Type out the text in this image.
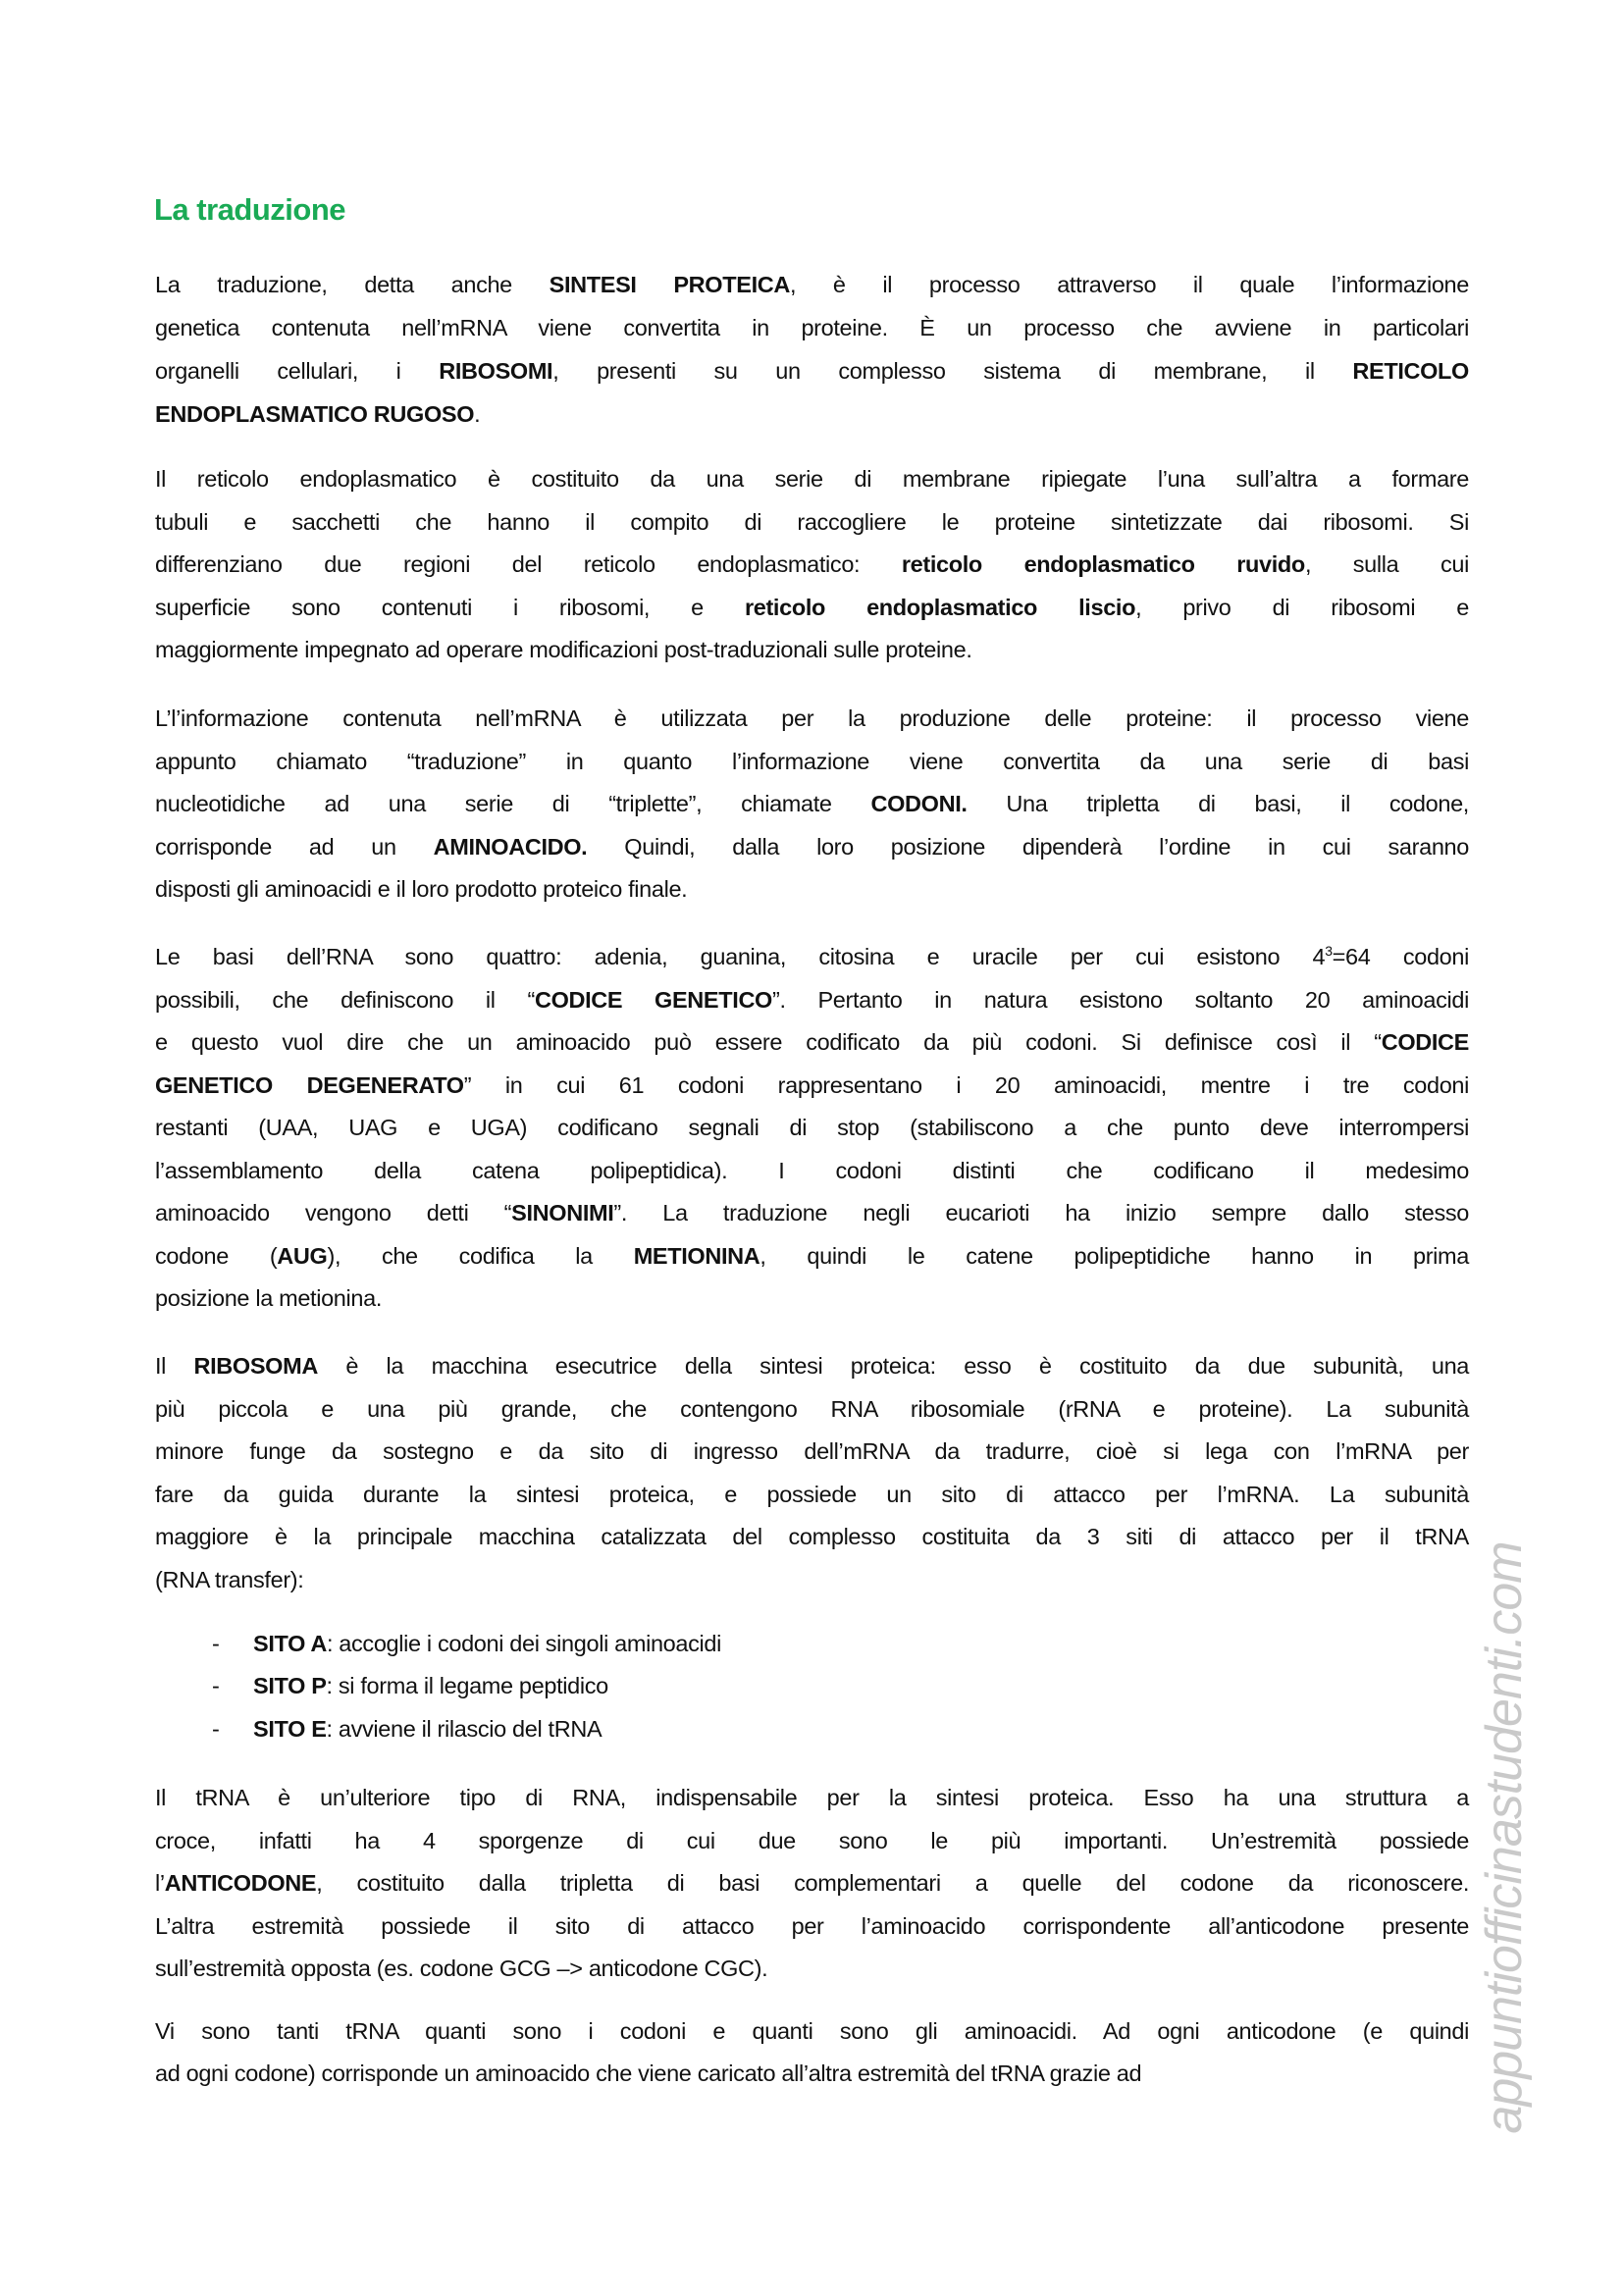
La traduzione
La traduzione, detta anche SINTESI PROTEICA, è il processo attraverso il quale l’informazione
genetica contenuta nell’mRNA viene convertita in proteine. È un processo che avviene in particolari
organelli cellulari, i RIBOSOMI, presenti su un complesso sistema di membrane, il RETICOLO
ENDOPLASMATICO RUGOSO.
Il reticolo endoplasmatico è costituito da una serie di membrane ripiegate l’una sull’altra a formare
tubuli e sacchetti che hanno il compito di raccogliere le proteine sintetizzate dai ribosomi. Si
differenziano due regioni del reticolo endoplasmatico: reticolo endoplasmatico ruvido, sulla cui
superficie sono contenuti i ribosomi, e reticolo endoplasmatico liscio, privo di ribosomi e
maggiormente impegnato ad operare modificazioni post-traduzionali sulle proteine.
L’l’informazione contenuta nell’mRNA è utilizzata per la produzione delle proteine: il processo viene
appunto chiamato “traduzione” in quanto l’informazione viene convertita da una serie di basi
nucleotidiche ad una serie di “triplette”, chiamate CODONI. Una tripletta di basi, il codone,
corrisponde ad un AMINOACIDO. Quindi, dalla loro posizione dipenderà l’ordine in cui saranno
disposti gli aminoacidi e il loro prodotto proteico finale.
Le basi dell’RNA sono quattro: adenia, guanina, citosina e uracile per cui esistono $4^3=64$ codoni
possibili, che definiscono il “CODICE GENETICO”. Pertanto in natura esistono soltanto 20 aminoacidi
e questo vuol dire che un aminoacido può essere codificato da più codoni. Si definisce così il “CODICE
GENETICO DEGENERATO” in cui 61 codoni rappresentano i 20 aminoacidi, mentre i tre codoni
restanti (UAA, UAG e UGA) codificano segnali di stop (stabiliscono a che punto deve interrompersi
l’assemblamento della catena polipeptidica). I codoni distinti che codificano il medesimo
aminoacido vengono detti “SINONIMI”. La traduzione negli eucarioti ha inizio sempre dallo stesso
codone (AUG), che codifica la METIONINA, quindi le catene polipeptidiche hanno in prima
posizione la metionina.
Il RIBOSOMA è la macchina esecutrice della sintesi proteica: esso è costituito da due subunità, una
più piccola e una più grande, che contengono RNA ribosomiale (rRNA e proteine). La subunità
minore funge da sostegno e da sito di ingresso dell’mRNA da tradurre, cioè si lega con l’mRNA per
fare da guida durante la sintesi proteica, e possiede un sito di attacco per l’mRNA. La subunità
maggiore è la principale macchina catalizzata del complesso costituita da 3 siti di attacco per il tRNA
(RNA transfer):
Il tRNA è un’ulteriore tipo di RNA, indispensabile per la sintesi proteica. Esso ha una struttura a
croce, infatti ha 4 sporgenze di cui due sono le più importanti. Un’estremità possiede
l’ANTICODONE, costituito dalla tripletta di basi complementari a quelle del codone da riconoscere.
L’altra estremità possiede il sito di attacco per l’aminoacido corrispondente all’anticodone presente
sull’estremità opposta (es. codone GCG –> anticodone CGC).
Vi sono tanti tRNA quanti sono i codoni e quanti sono gli aminoacidi. Ad ogni anticodone (e quindi
ad ogni codone) corrisponde un aminoacido che viene caricato all’altra estremità del tRNA grazie ad
- SITO A: accoglie i codoni dei singoli aminoacidi
- SITO P: si forma il legame peptidico
- SITO E: avviene il rilascio del tRNA	appuntiofficinastudenti.com
